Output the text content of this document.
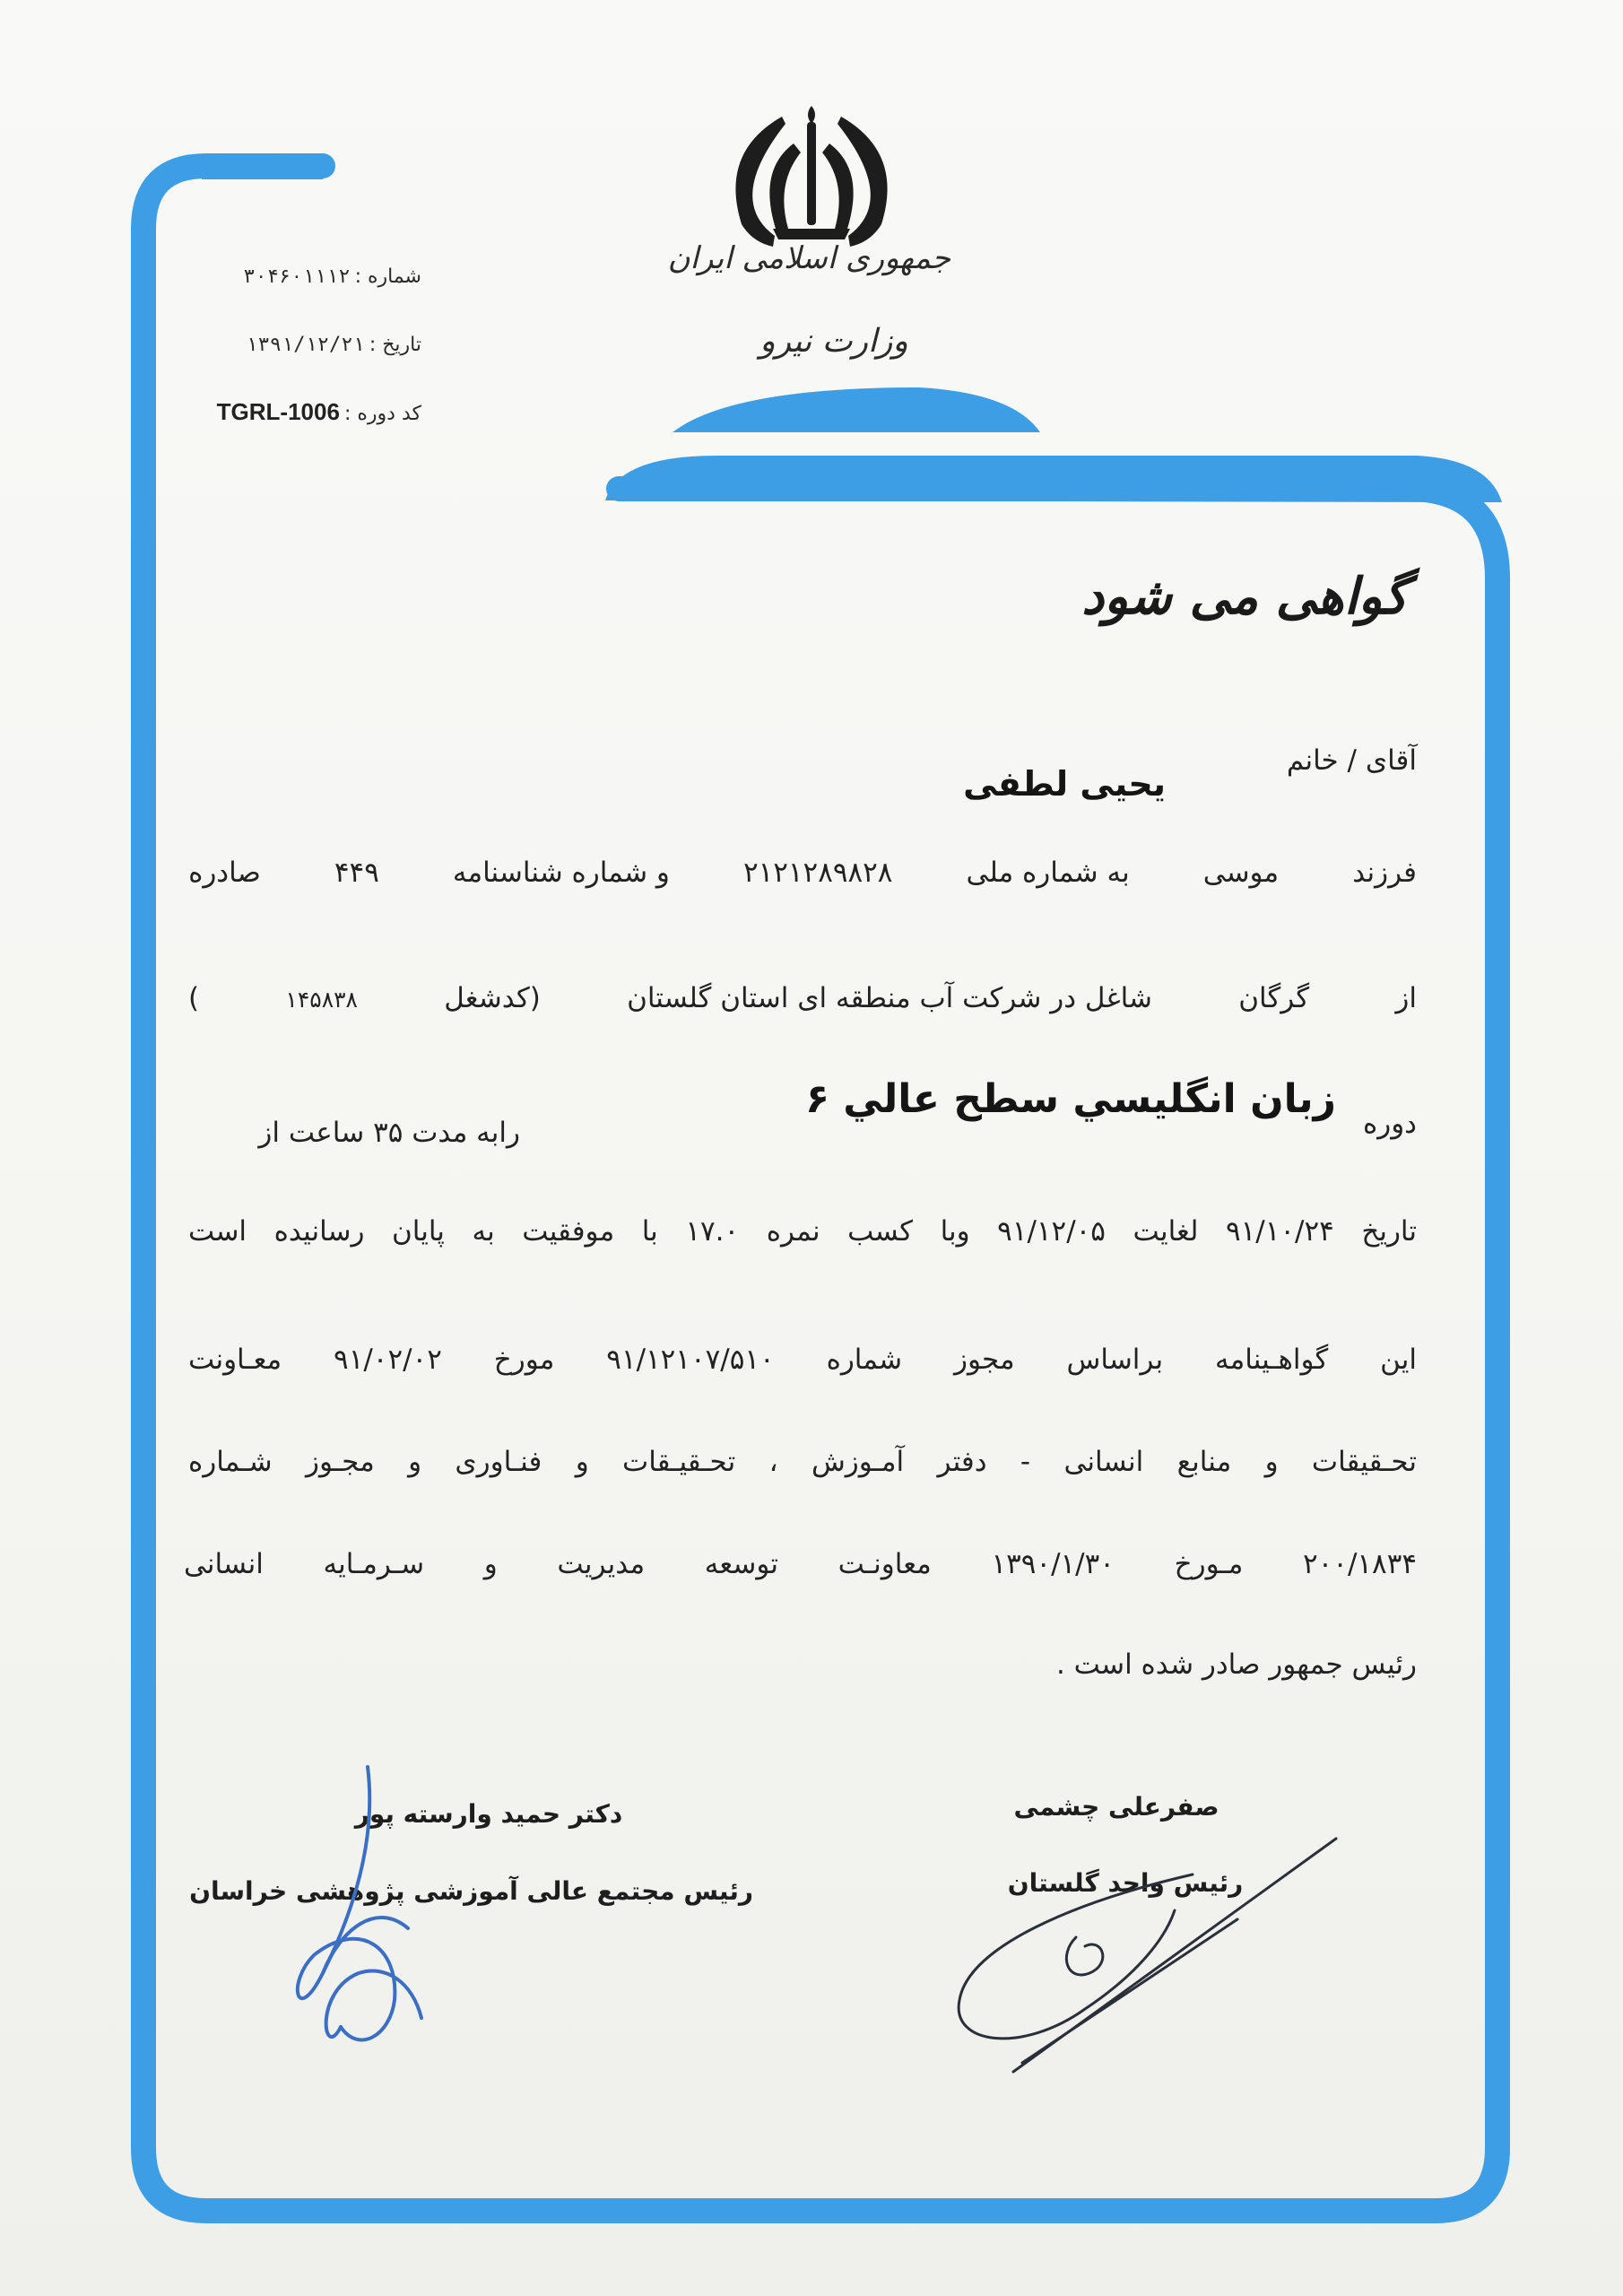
جمهوری اسلامی ایران
وزارت نیرو
شماره : ۳۰۴۶۰۱۱۱۲
تاریخ : ۱۳۹۱/۱۲/۲۱
کد دوره : TGRL-1006
گواهی می شود
آقای / خانم
یحیی لطفی
فرزند
موسی
به شماره ملی
۲۱۲۱۲۸۹۸۲۸
و شماره شناسنامه
۴۴۹
صادره
از
گرگان
شاغل در شرکت آب منطقه ای استان گلستان
(کدشغل
۱۴۵۸۳۸
)
دوره
زبان انگليسي سطح عالي ۶
رابه مدت ۳۵ ساعت از
تاریخ ۹۱/۱۰/۲۴ لغایت ۹۱/۱۲/۰۵ وبا کسب نمره ۱۷.۰ با موفقیت به پایان رسانیده است
این گواهـینامه براساس مجوز شماره ۹۱/۱۲۱۰۷/۵۱۰ مورخ ۹۱/۰۲/۰۲ معـاونت
تحـقیقات و منابع انسانی - دفتر آمـوزش ، تحـقیـقات و فنـاوری و مجـوز شـماره
۲۰۰/۱۸۳۴ مـورخ ۱۳۹۰/۱/۳۰ معاونـت توسعه مدیریت و سـرمـایه انسانی
رئیس جمهور صادر شده است .
صفرعلی چشمی
رئیس واحد گلستان
دکتر حمید وارسته پور
رئیس مجتمع عالی آموزشی پژوهشی خراسان
